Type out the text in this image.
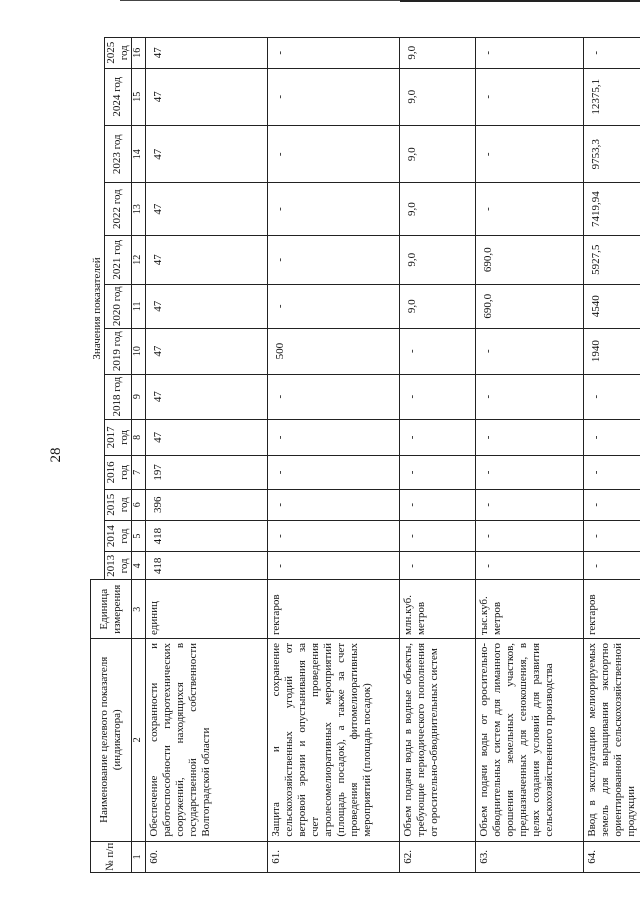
28
№ п/п	Наименование целевого показателя (индикатора)	Единица измерения	Значения показателей												
			2013 год	2014 год	2015 год	2016 год	2017 год	2018 год	2019 год	2020 год	2021 год	2022 год	2023 год	2024 год	2025 год
1	2	3	4	5	6	7	8	9	10	11	12	13	14	15	16
60.	Обеспечение сохранности и работоспособности гидротехнических сооружений, находящихся в государственной собственности Волгоградской области	единиц	418	418	396	197	47	47	47	47	47	47	47	47	47
61.	Защита и сохранение сельскохозяйственных угодий от ветровой эрозии и опустынивания за счет проведения агролесомелиоративных мероприятий (площадь посадок), а также за счет проведения фитомелиоративных мероприятий (площадь посадок)	гектаров	-	-	-	-	-	-	500	-	-	-	-	-	-
62.	Объем подачи воды в водные объекты, требующие периодического пополнения от оросительно-обводнительных систем	млн.куб. метров	-	-	-	-	-	-	-	9,0	9,0	9,0	9,0	9,0	9,0
63.	Объем подачи воды от оросительно-обводнительных систем для лиманного орошения земельных участков, предназначенных для сенокошения, в целях создания условий для развития сельскохозяйственного производства	тыс.куб. метров	-	-	-	-	-	-	-	690,0	690,0	-	-	-	-
64.	Ввод в эксплуатацию мелиорируемых земель для выращивания экспортно ориентированной сельскохозяйственной продукции	гектаров	-	-	-	-	-	-	1940	4540	5927,5	7419,94	9753,3	12375,1	-
